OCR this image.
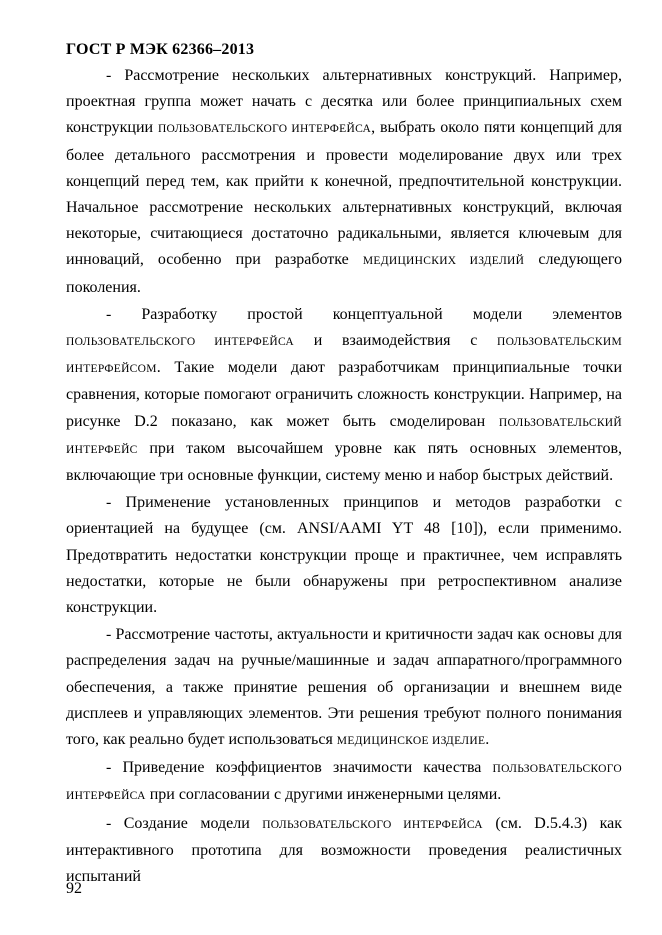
ГОСТ Р МЭК 62366–2013

- Рассмотрение нескольких альтернативных конструкций. Например, проектная группа может начать с десятка или более принципиальных схем конструкции ПОЛЬЗОВАТЕЛЬСКОГО ИНТЕРФЕЙСА, выбрать около пяти концепций для более детального рассмотрения и провести моделирование двух или трех концепций перед тем, как прийти к конечной, предпочтительной конструкции. Начальное рассмотрение нескольких альтернативных конструкций, включая некоторые, считающиеся достаточно радикальными, является ключевым для инноваций, особенно при разработке МЕДИЦИНСКИХ ИЗДЕЛИЙ следующего поколения.

- Разработку простой концептуальной модели элементов ПОЛЬЗОВАТЕЛЬСКОГО ИНТЕРФЕЙСА и взаимодействия с ПОЛЬЗОВАТЕЛЬСКИМ ИНТЕРФЕЙСОМ. Такие модели дают разработчикам принципиальные точки сравнения, которые помогают ограничить сложность конструкции. Например, на рисунке D.2 показано, как может быть смоделирован ПОЛЬЗОВАТЕЛЬСКИЙ ИНТЕРФЕЙС при таком высочайшем уровне как пять основных элементов, включающие три основные функции, систему меню и набор быстрых действий.

- Применение установленных принципов и методов разработки с ориентацией на будущее (см. ANSI/AAMI YT 48 [10]), если применимо. Предотвратить недостатки конструкции проще и практичнее, чем исправлять недостатки, которые не были обнаружены при ретроспективном анализе конструкции.

- Рассмотрение частоты, актуальности и критичности задач как основы для распределения задач на ручные/машинные и задач аппаратного/программного обеспечения, а также принятие решения об организации и внешнем виде дисплеев и управляющих элементов. Эти решения требуют полного понимания того, как реально будет использоваться МЕДИЦИНСКОЕ ИЗДЕЛИЕ.

- Приведение коэффициентов значимости качества ПОЛЬЗОВАТЕЛЬСКОГО ИНТЕРФЕЙСА при согласовании с другими инженерными целями.

- Создание модели ПОЛЬЗОВАТЕЛЬСКОГО ИНТЕРФЕЙСА (см. D.5.4.3) как интерактивного прототипа для возможности проведения реалистичных испытаний

92
